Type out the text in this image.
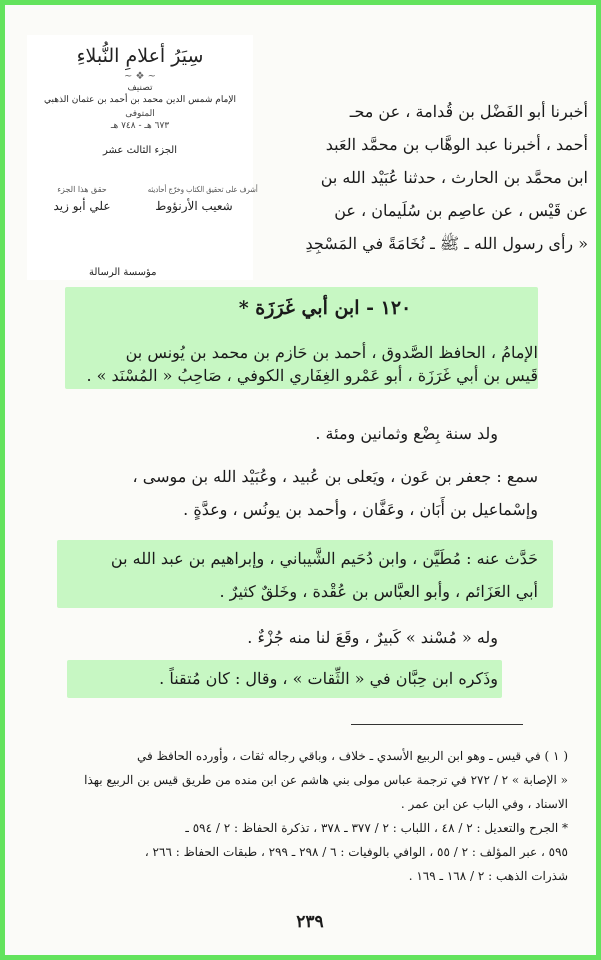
سِيَرُ أعلامِ النُّبلاءِ
~ ❖ ~
تصنيف
الإمام شمس الدين محمد بن أحمد بن عثمان الذهبي
المتوفى
٦٧٣ هـ - ٧٤٨ هـ
الجزء الثالث عشر
حقق هذا الجزء
علي أبو زيد
أشرف على تحقيق الكتاب وخرّج أحاديثه
شعيب الأرنؤوط
مؤسسة الرسالة
أخبرنا أبو الفَضْل بن قُدامة ، عن محـ
أحمد ، أخبرنا عبد الوهَّاب بن محمَّد العَبد
ابن محمَّد بن الحارث ، حدثنا عُبَيْد الله بن
عن قَيْس ، عن عاصِم بن سُلَيمان ، عن
« رأى رسول الله ـ ﷺ ـ نُخَامَةً في المَسْجِدِ
١٢٠ - ابن أبي غَرَزَة *
الإمامُ ، الحافظ الصَّدوق ، أحمد بن حَازم بن محمد بن يُونس بن
قَيس بن أبي غَرَزَة ، أبو عَمْرو الغِفَاري الكوفي ، صَاحِبُ « المُسْنَد » .
ولد سنة بِضْع وثمانين ومئة .
سمع : جعفر بن عَون ، ويَعلى بن عُبيد ، وعُبَيْد الله بن موسى ،
وإسْماعيل بن أَبَان ، وعَفَّان ، وأحمد بن يونُس ، وعدَّةٍ .
حَدَّث عنه : مُطَيَّن ، وابن دُحَيم الشَّيباني ، وإبراهيم بن عبد الله بن
أبي العَزَائم ، وأبو العبَّاس بن عُقْدة ، وخَلقٌ كثيرٌ .
وله « مُسْند » كَبيرٌ ، وقَعَ لنا منه جُزْءٌ .
وذَكره ابن حِبَّان في « الثِّقات » ، وقال : كان مُتقناً .
( ١ ) في قيس ـ وهو ابن الربيع الأسدي ـ خلاف ، وباقي رجاله ثقات ، وأورده الحافظ في
« الإصابة » ٢ / ٢٧٢ في ترجمة عباس مولى بني هاشم عن ابن منده من طريق قيس بن الربيع بهذا
الاسناد ، وفي الباب عن ابن عمر .
* الجرح والتعديل : ٢ / ٤٨ ، اللباب : ٢ / ٣٧٧ ـ ٣٧٨ ، تذكرة الحفاظ : ٢ / ٥٩٤ ـ
٥٩٥ ، عبر المؤلف : ٢ / ٥٥ ، الوافي بالوفيات : ٦ / ٢٩٨ ـ ٢٩٩ ، طبقات الحفاظ : ٢٦٦ ،
شذرات الذهب : ٢ / ١٦٨ ـ ١٦٩ .
٢٣٩
